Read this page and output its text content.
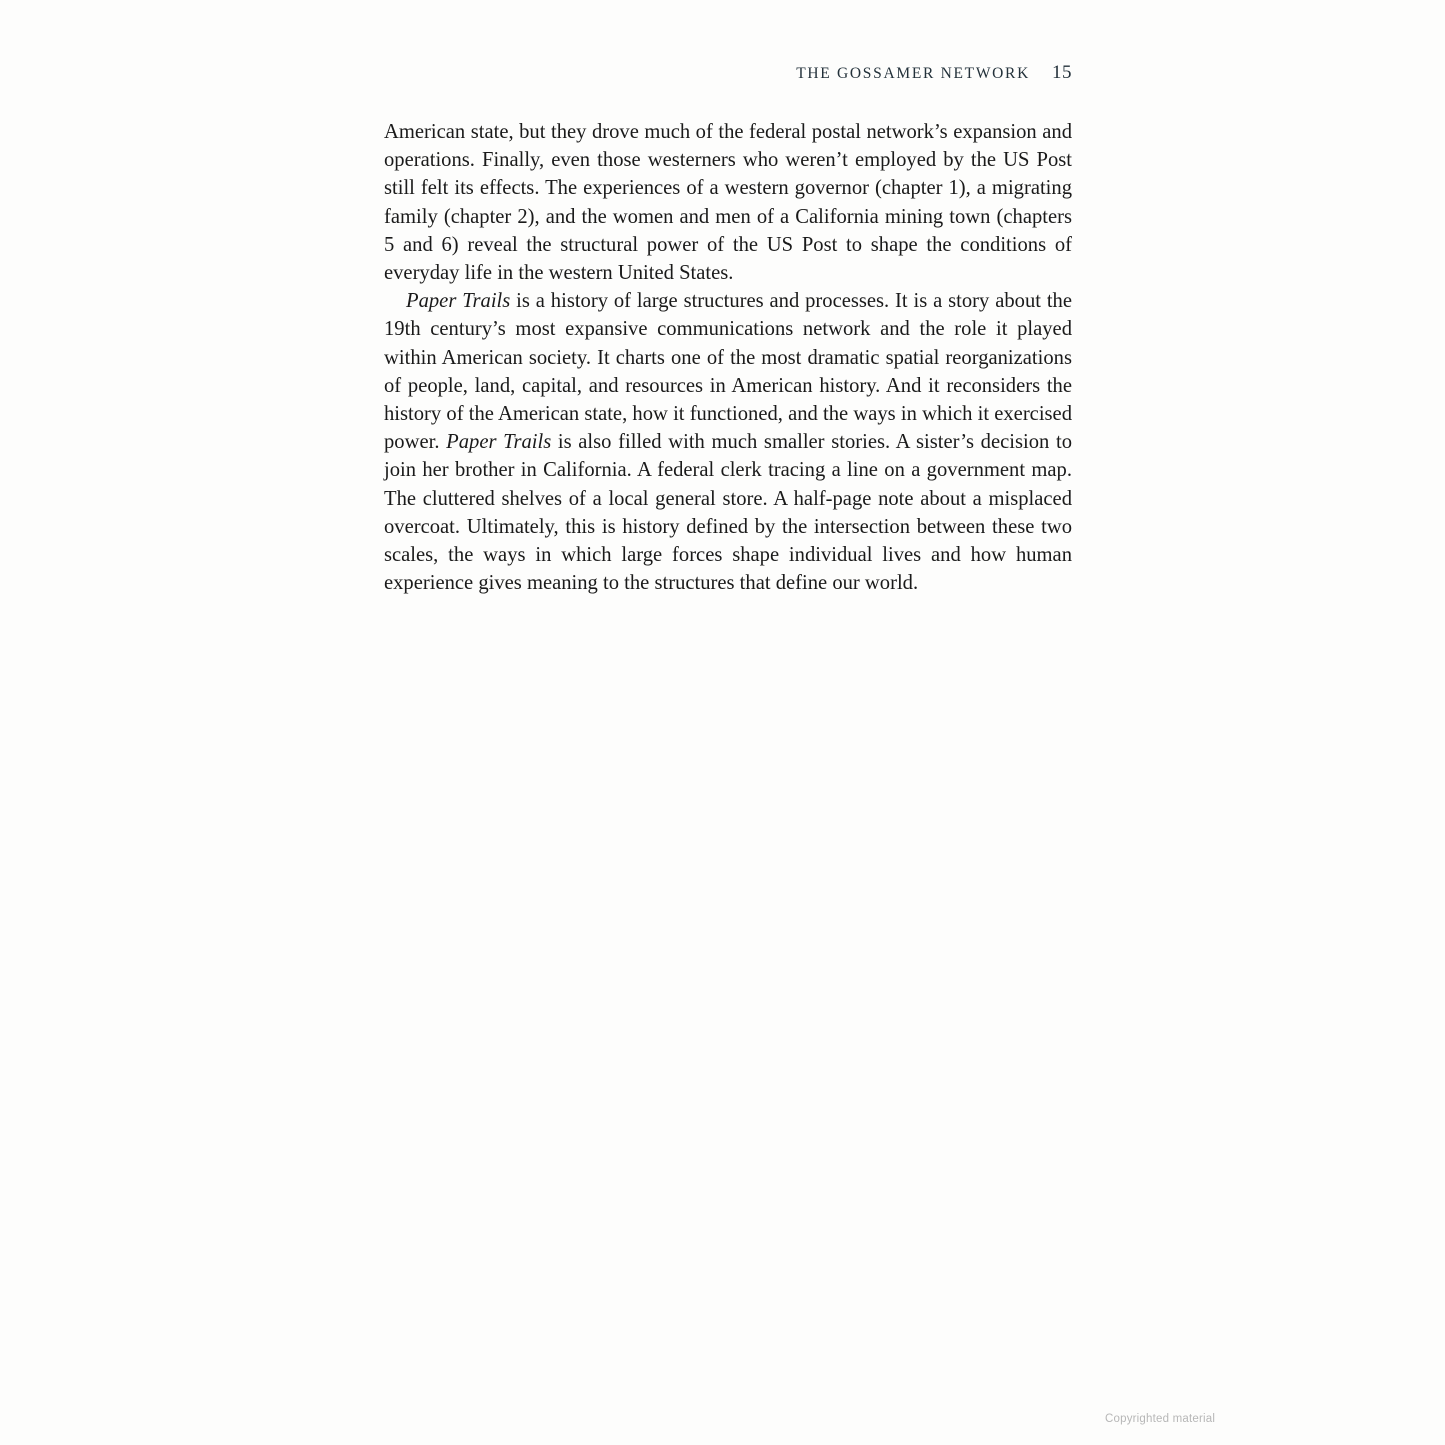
THE GOSSAMER NETWORK 15

American state, but they drove much of the federal postal network’s expansion and operations. Finally, even those westerners who weren’t employed by the US Post still felt its effects. The experiences of a western governor (chapter 1), a migrating family (chapter 2), and the women and men of a California mining town (chapters 5 and 6) reveal the structural power of the US Post to shape the conditions of everyday life in the western United States.

Paper Trails is a history of large structures and processes. It is a story about the 19th century’s most expansive communications network and the role it played within American society. It charts one of the most dramatic spatial reorganizations of people, land, capital, and resources in American history. And it reconsiders the history of the American state, how it functioned, and the ways in which it exercised power. Paper Trails is also filled with much smaller stories. A sister’s decision to join her brother in California. A federal clerk tracing a line on a government map. The cluttered shelves of a local general store. A half-page note about a misplaced overcoat. Ultimately, this is history defined by the intersection between these two scales, the ways in which large forces shape individual lives and how human experience gives meaning to the structures that define our world.

Copyrighted material
